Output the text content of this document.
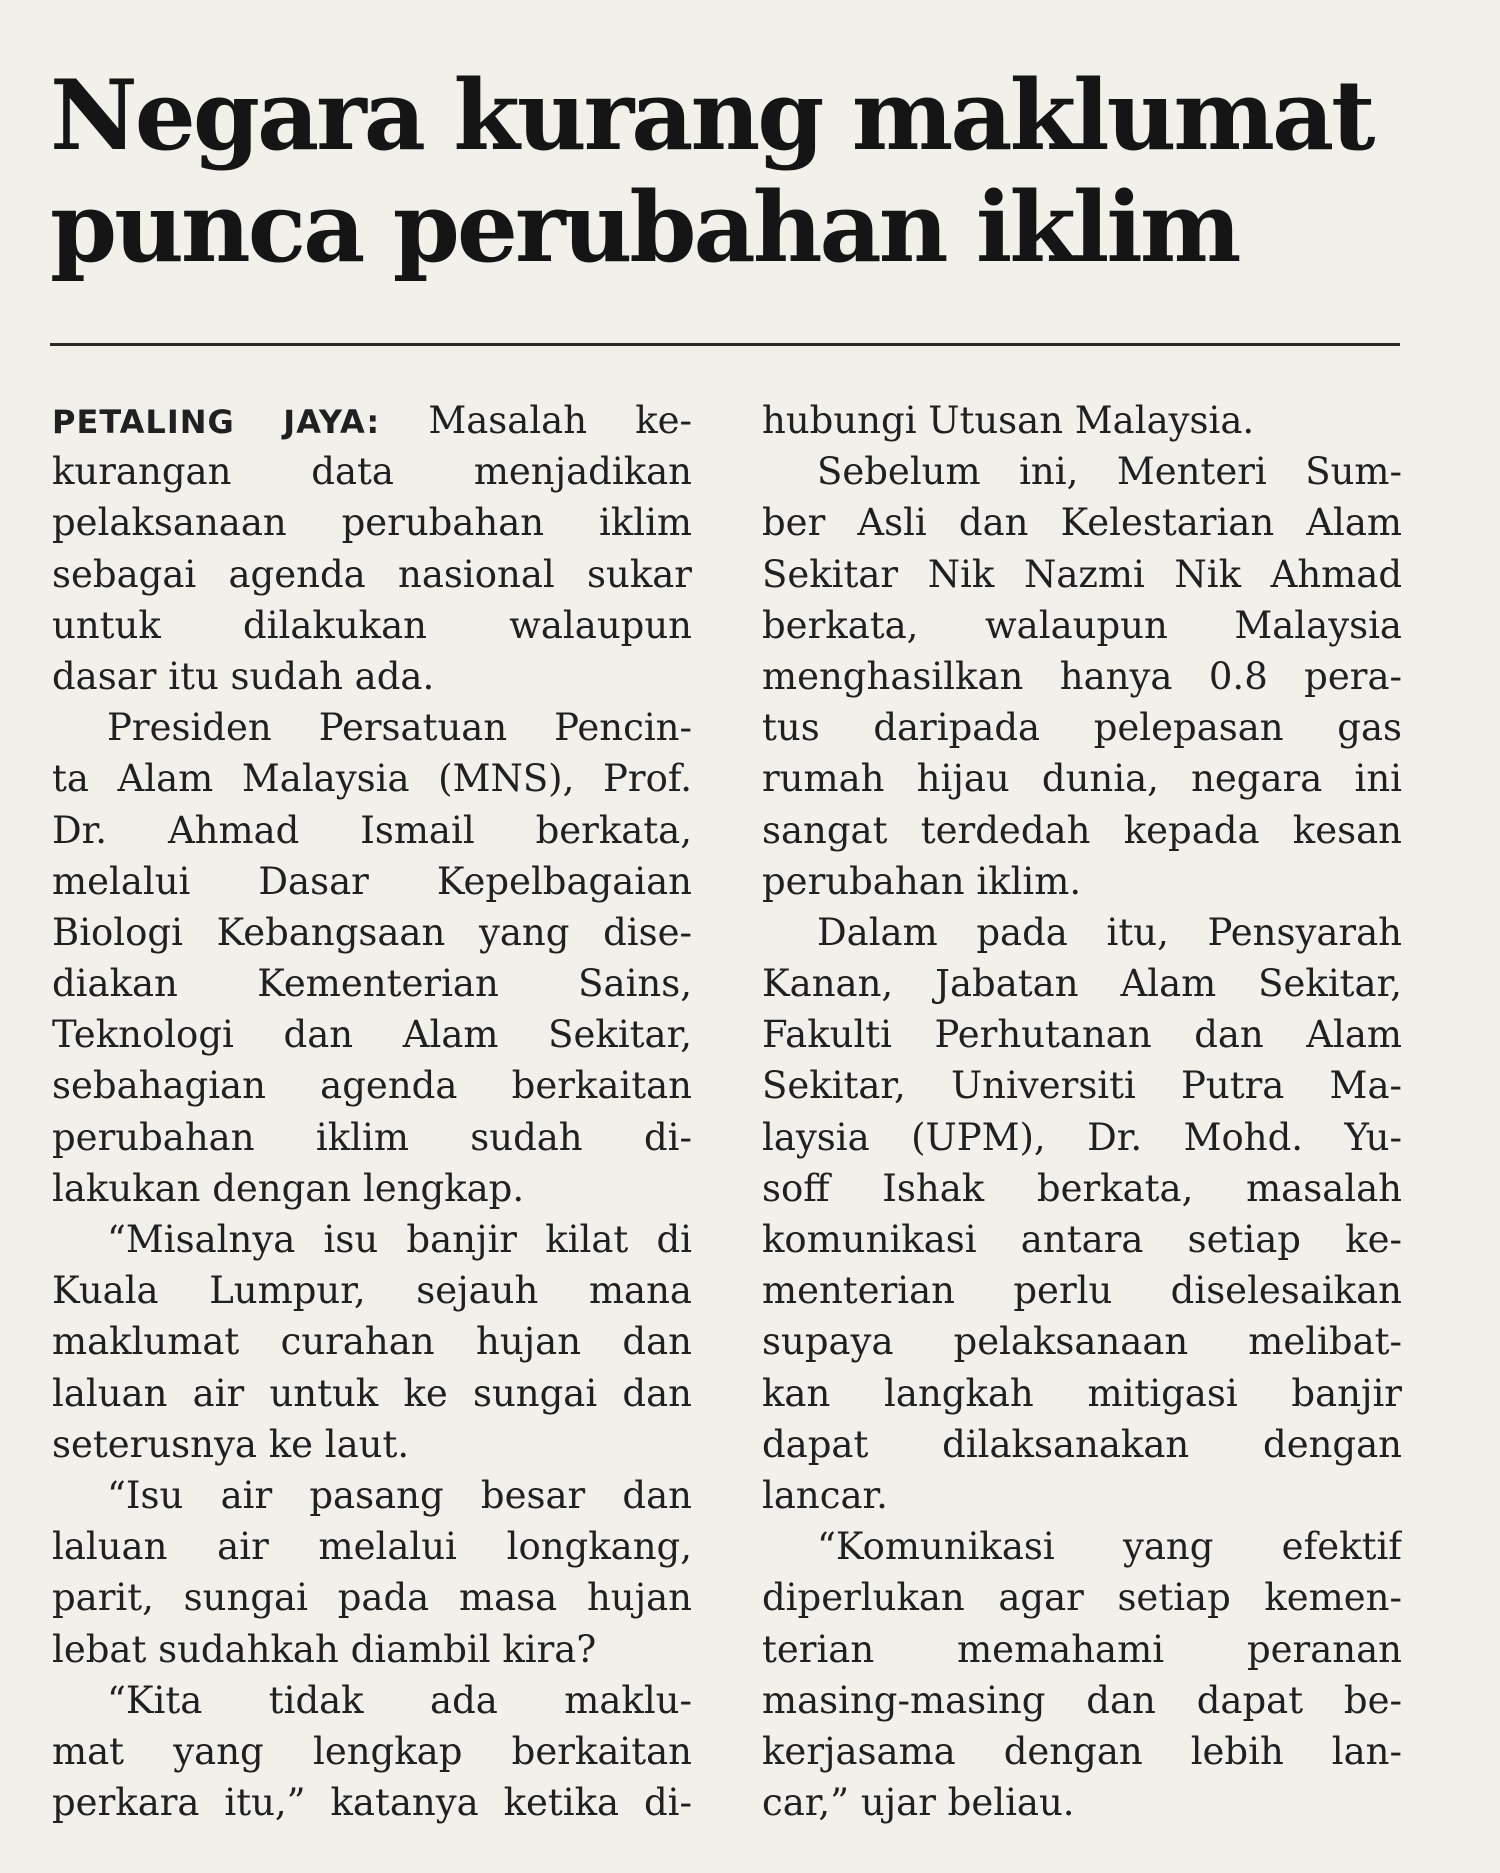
Negara kurang maklumat
punca perubahan iklim
PETALING JAYA: Masalah ke-
kurangan data menjadikan
pelaksanaan perubahan iklim
sebagai agenda nasional sukar
untuk dilakukan walaupun
dasar itu sudah ada.
Presiden Persatuan Pencin-
ta Alam Malaysia (MNS), Prof.
Dr. Ahmad Ismail berkata,
melalui Dasar Kepelbagaian
Biologi Kebangsaan yang dise-
diakan Kementerian Sains,
Teknologi dan Alam Sekitar,
sebahagian agenda berkaitan
perubahan iklim sudah di-
lakukan dengan lengkap.
“Misalnya isu banjir kilat di
Kuala Lumpur, sejauh mana
maklumat curahan hujan dan
laluan air untuk ke sungai dan
seterusnya ke laut.
“Isu air pasang besar dan
laluan air melalui longkang,
parit, sungai pada masa hujan
lebat sudahkah diambil kira?
“Kita tidak ada maklu-
mat yang lengkap berkaitan
perkara itu,” katanya ketika di-
hubungi Utusan Malaysia.
Sebelum ini, Menteri Sum-
ber Asli dan Kelestarian Alam
Sekitar Nik Nazmi Nik Ahmad
berkata, walaupun Malaysia
menghasilkan hanya 0.8 pera-
tus daripada pelepasan gas
rumah hijau dunia, negara ini
sangat terdedah kepada kesan
perubahan iklim.
Dalam pada itu, Pensyarah
Kanan, Jabatan Alam Sekitar,
Fakulti Perhutanan dan Alam
Sekitar, Universiti Putra Ma-
laysia (UPM), Dr. Mohd. Yu-
soff Ishak berkata, masalah
komunikasi antara setiap ke-
menterian perlu diselesaikan
supaya pelaksanaan melibat-
kan langkah mitigasi banjir
dapat dilaksanakan dengan
lancar.
“Komunikasi yang efektif
diperlukan agar setiap kemen-
terian memahami peranan
masing-masing dan dapat be-
kerjasama dengan lebih lan-
car,” ujar beliau.
